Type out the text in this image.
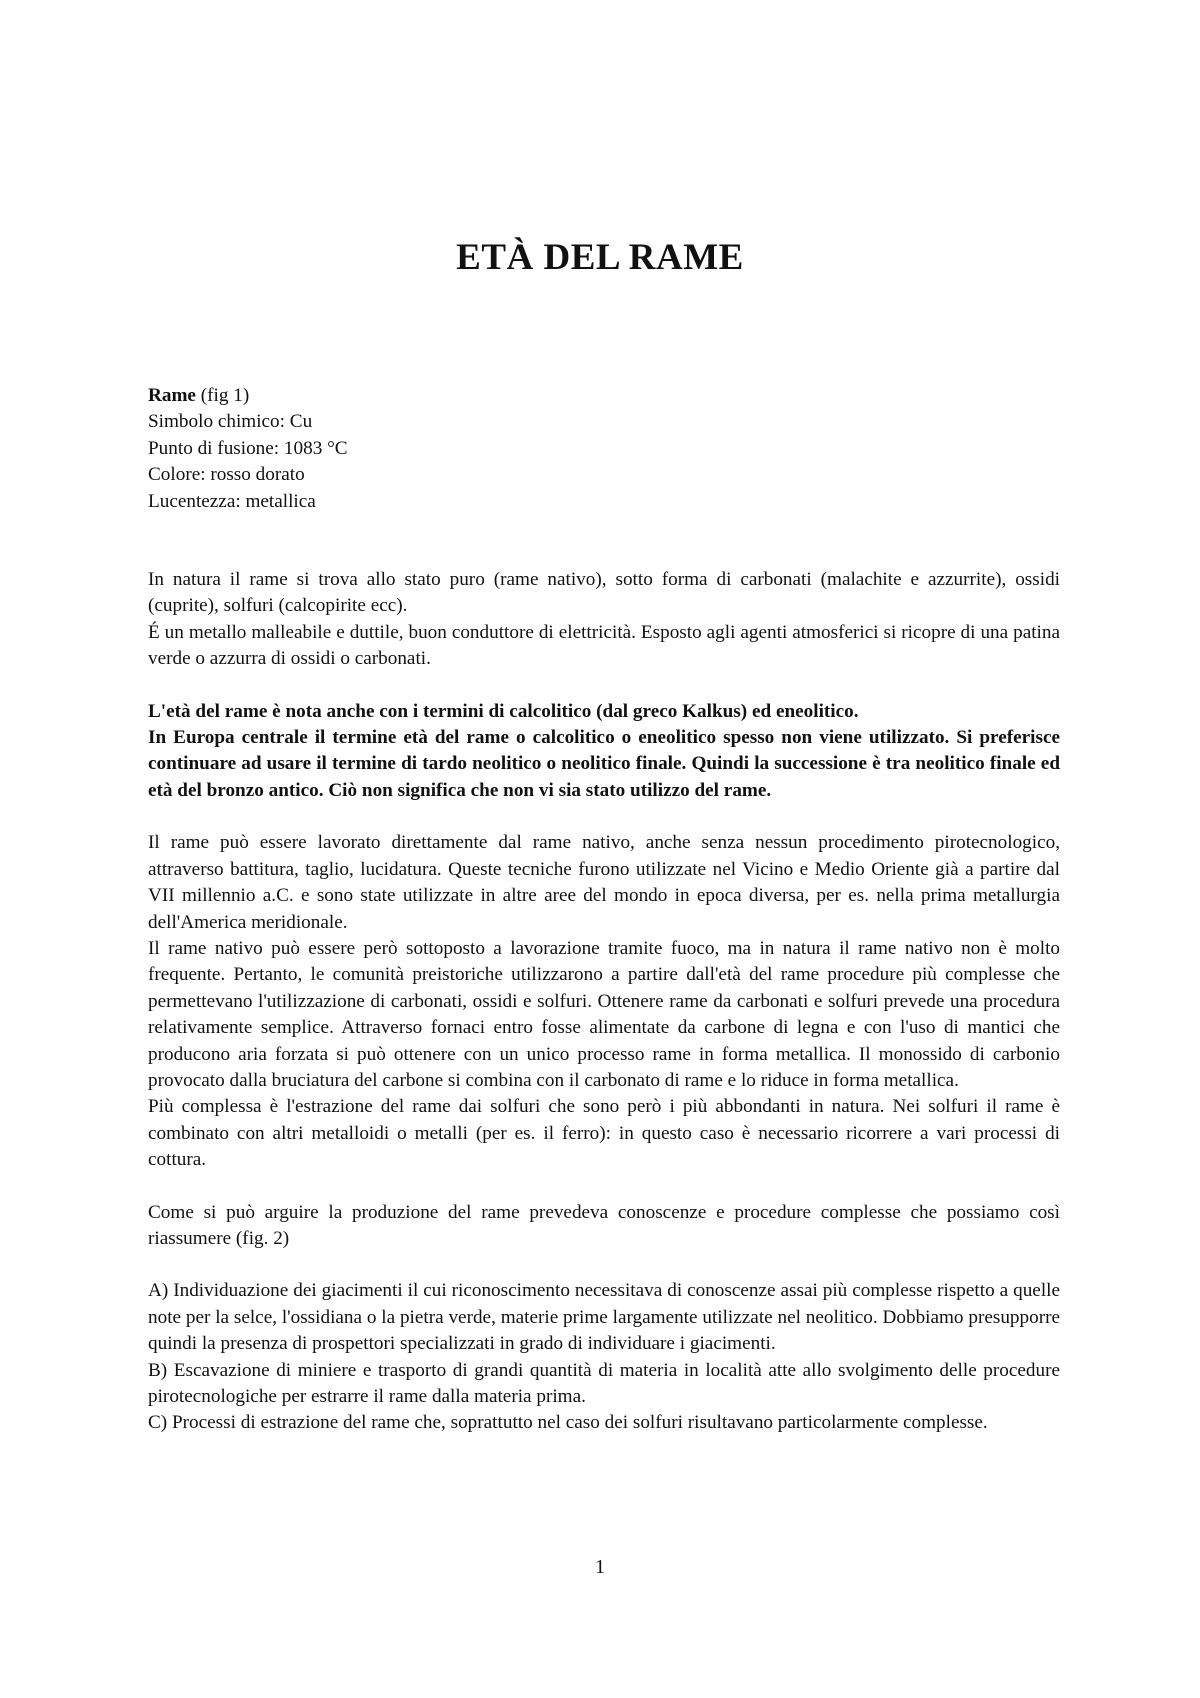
ETÀ DEL RAME

Rame (fig 1)

Simbolo chimico: Cu

Punto di fusione: 1083 °C

Colore: rosso dorato

Lucentezza: metallica

In natura il rame si trova allo stato puro (rame nativo), sotto forma di carbonati (malachite e azzurrite), ossidi (cuprite), solfuri (calcopirite ecc).

É un metallo malleabile e duttile, buon conduttore di elettricità. Esposto agli agenti atmosferici si ricopre di una patina verde o azzurra di ossidi o carbonati.

L'età del rame è nota anche con i termini di calcolitico (dal greco Kalkus) ed eneolitico.

In Europa centrale il termine età del rame o calcolitico o eneolitico spesso non viene utilizzato. Si preferisce continuare ad usare il termine di tardo neolitico o neolitico finale. Quindi la successione è tra neolitico finale ed età del bronzo antico. Ciò non significa che non vi sia stato utilizzo del rame.

Il rame può essere lavorato direttamente dal rame nativo, anche senza nessun procedimento pirotecnologico, attraverso battitura, taglio, lucidatura. Queste tecniche furono utilizzate nel Vicino e Medio Oriente già a partire dal VII millennio a.C. e sono state utilizzate in altre aree del mondo in epoca diversa, per es. nella prima metallurgia dell'America meridionale.

Il rame nativo può essere però sottoposto a lavorazione tramite fuoco, ma in natura il rame nativo non è molto frequente. Pertanto, le comunità preistoriche utilizzarono a partire dall'età del rame procedure più complesse che permettevano l'utilizzazione di carbonati, ossidi e solfuri. Ottenere rame da carbonati e solfuri prevede una procedura relativamente semplice. Attraverso fornaci entro fosse alimentate da carbone di legna e con l'uso di mantici che producono aria forzata si può ottenere con un unico processo rame in forma metallica. Il monossido di carbonio provocato dalla bruciatura del carbone si combina con il carbonato di rame e lo riduce in forma metallica.

Più complessa è l'estrazione del rame dai solfuri che sono però i più abbondanti in natura. Nei solfuri il rame è combinato con altri metalloidi o metalli (per es. il ferro): in questo caso è necessario ricorrere a vari processi di cottura.

Come si può arguire la produzione del rame prevedeva conoscenze e procedure complesse che possiamo così riassumere (fig. 2)

A) Individuazione dei giacimenti il cui riconoscimento necessitava di conoscenze assai più complesse rispetto a quelle note per la selce, l'ossidiana o la pietra verde, materie prime largamente utilizzate nel neolitico. Dobbiamo presupporre quindi la presenza di prospettori specializzati in grado di individuare i giacimenti.

B) Escavazione di miniere e trasporto di grandi quantità di materia in località atte allo svolgimento delle procedure pirotecnologiche per estrarre il rame dalla materia prima.

C) Processi di estrazione del rame che, soprattutto nel caso dei solfuri risultavano particolarmente complesse.

1
